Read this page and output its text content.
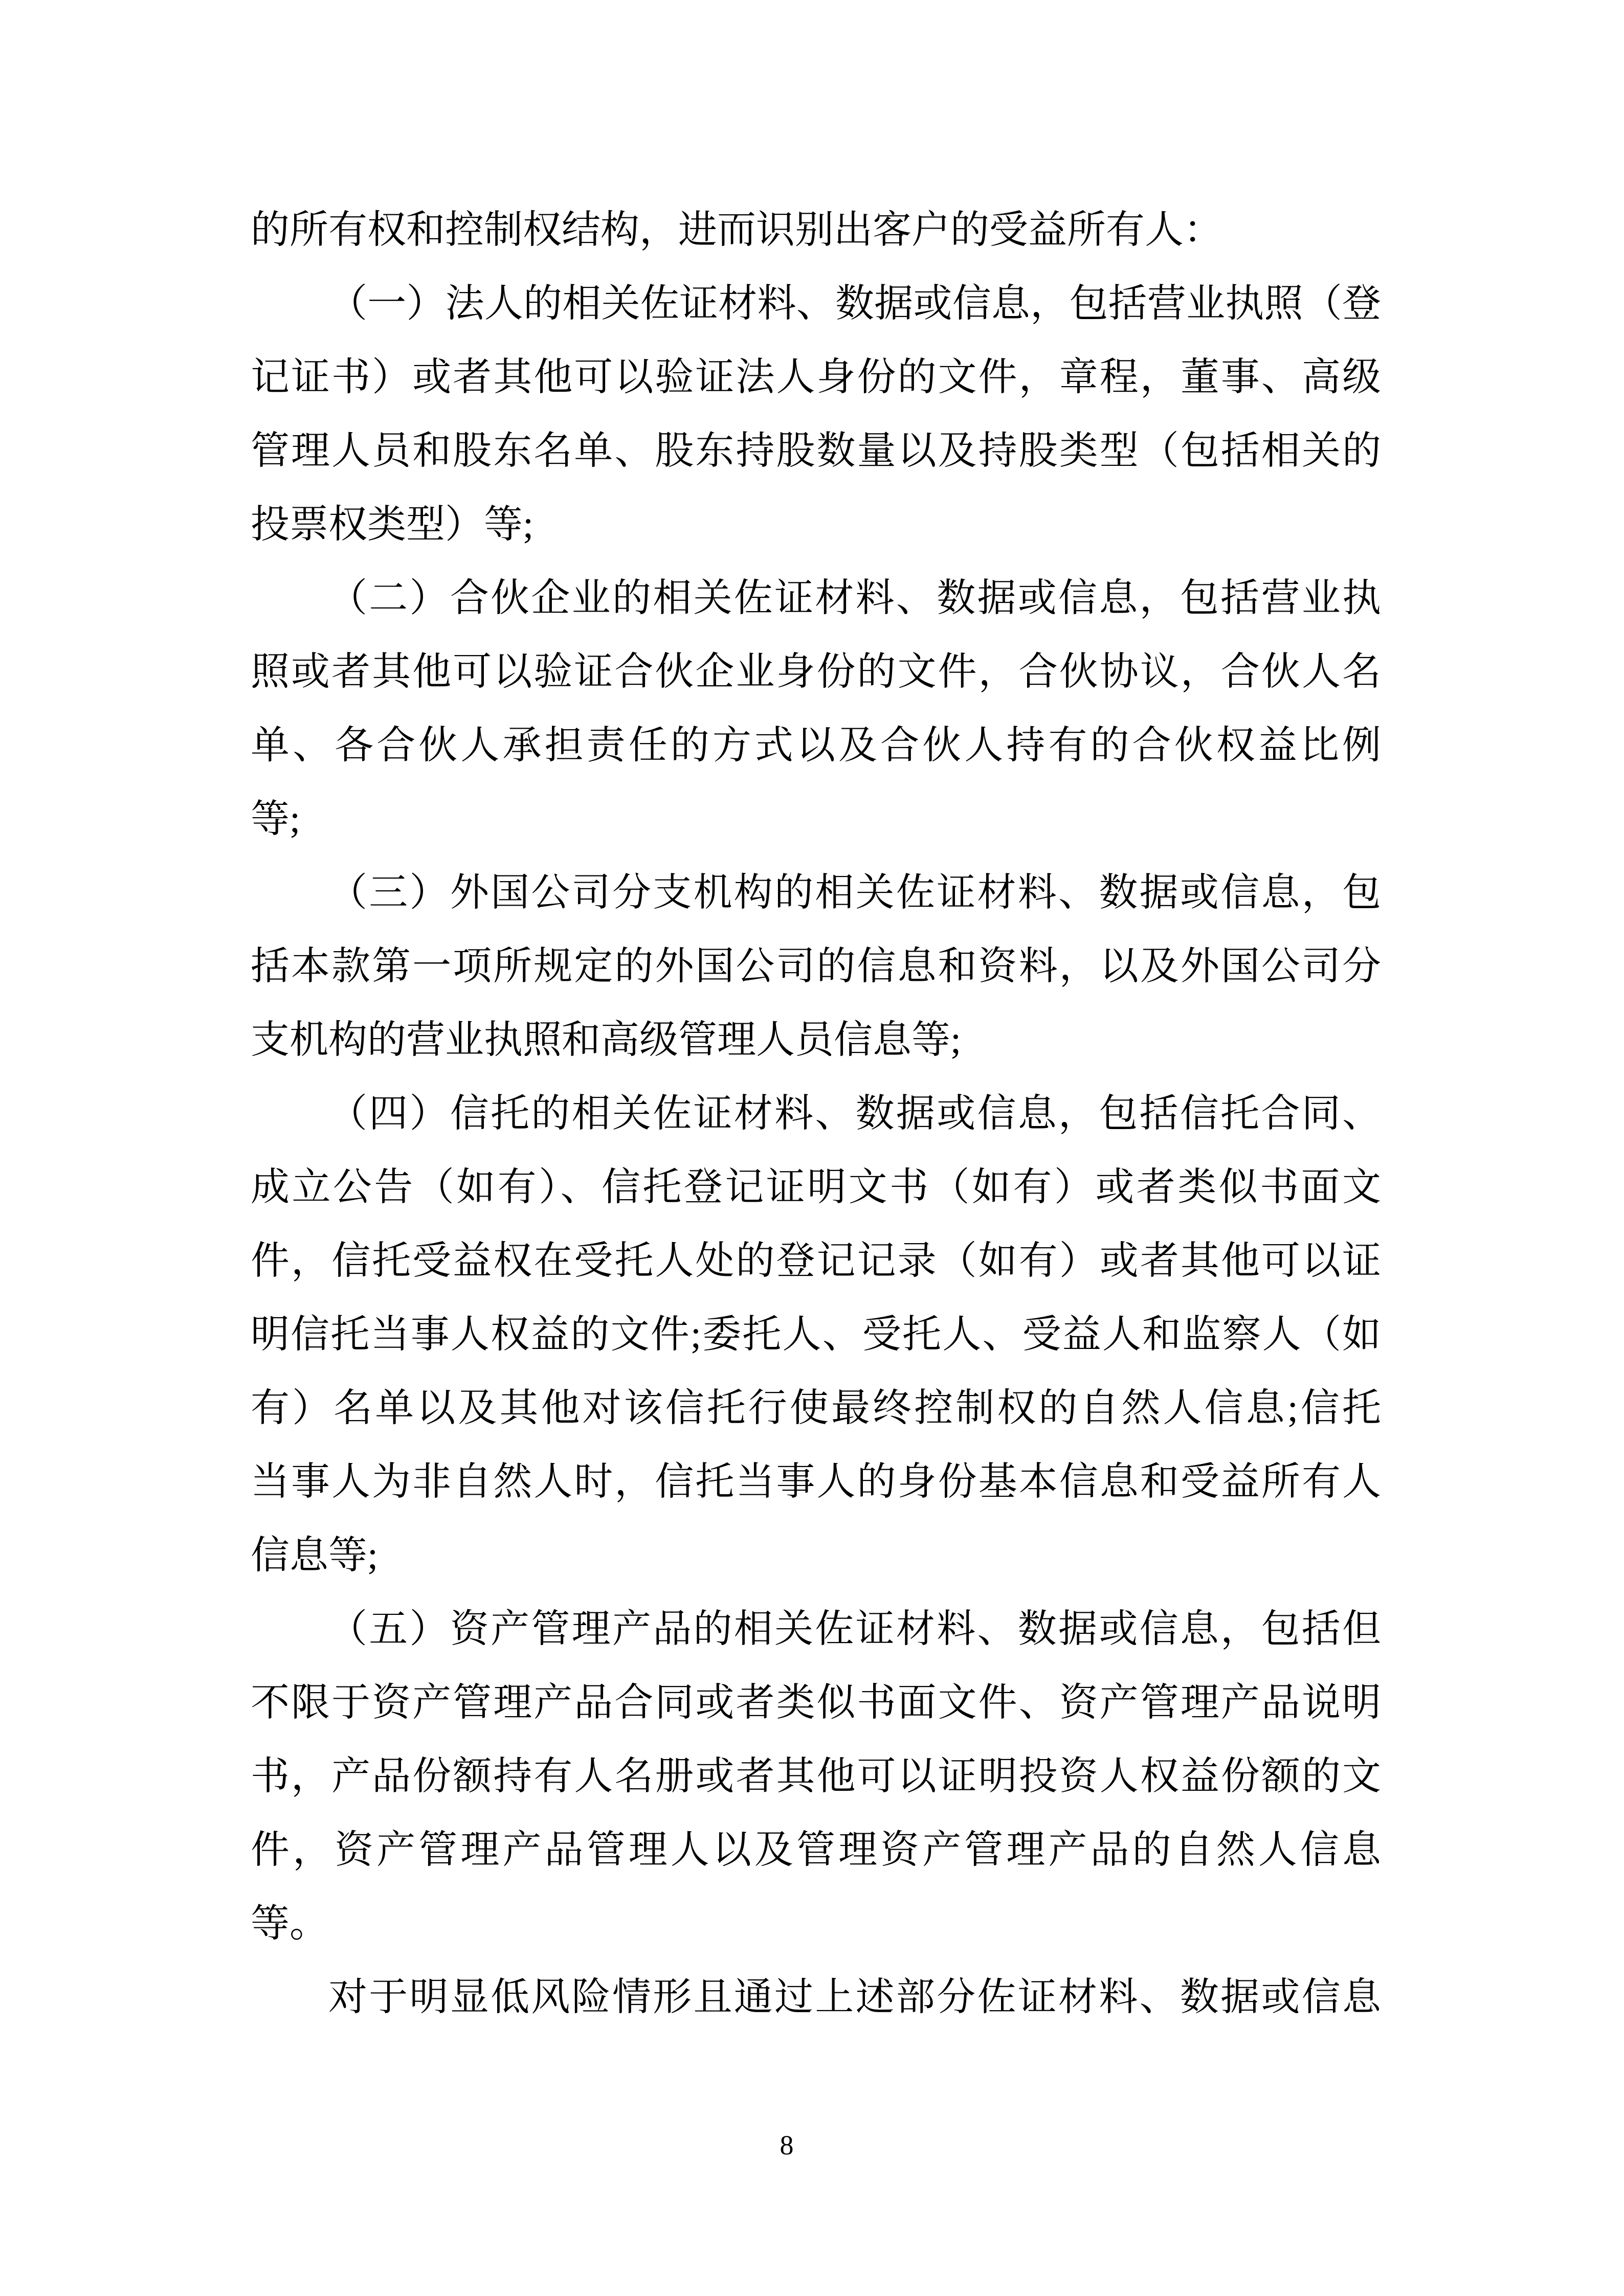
的所有权和控制权结构，进而识别出客户的受益所有人：
（一）法人的相关佐证材料、数据或信息，包括营业执照（登
记证书）或者其他可以验证法人身份的文件，章程，董事、高级
管理人员和股东名单、股东持股数量以及持股类型（包括相关的
投票权类型）等;
（二）合伙企业的相关佐证材料、数据或信息，包括营业执
照或者其他可以验证合伙企业身份的文件，合伙协议，合伙人名
单、各合伙人承担责任的方式以及合伙人持有的合伙权益比例
等;
（三）外国公司分支机构的相关佐证材料、数据或信息，包
括本款第一项所规定的外国公司的信息和资料，以及外国公司分
支机构的营业执照和高级管理人员信息等;
（四）信托的相关佐证材料、数据或信息，包括信托合同、
成立公告（如有）、信托登记证明文书（如有）或者类似书面文
件，信托受益权在受托人处的登记记录（如有）或者其他可以证
明信托当事人权益的文件;委托人、受托人、受益人和监察人（如
有）名单以及其他对该信托行使最终控制权的自然人信息;信托
当事人为非自然人时，信托当事人的身份基本信息和受益所有人
信息等;
（五）资产管理产品的相关佐证材料、数据或信息，包括但
不限于资产管理产品合同或者类似书面文件、资产管理产品说明
书，产品份额持有人名册或者其他可以证明投资人权益份额的文
件，资产管理产品管理人以及管理资产管理产品的自然人信息
等。
对于明显低风险情形且通过上述部分佐证材料、数据或信息
8
